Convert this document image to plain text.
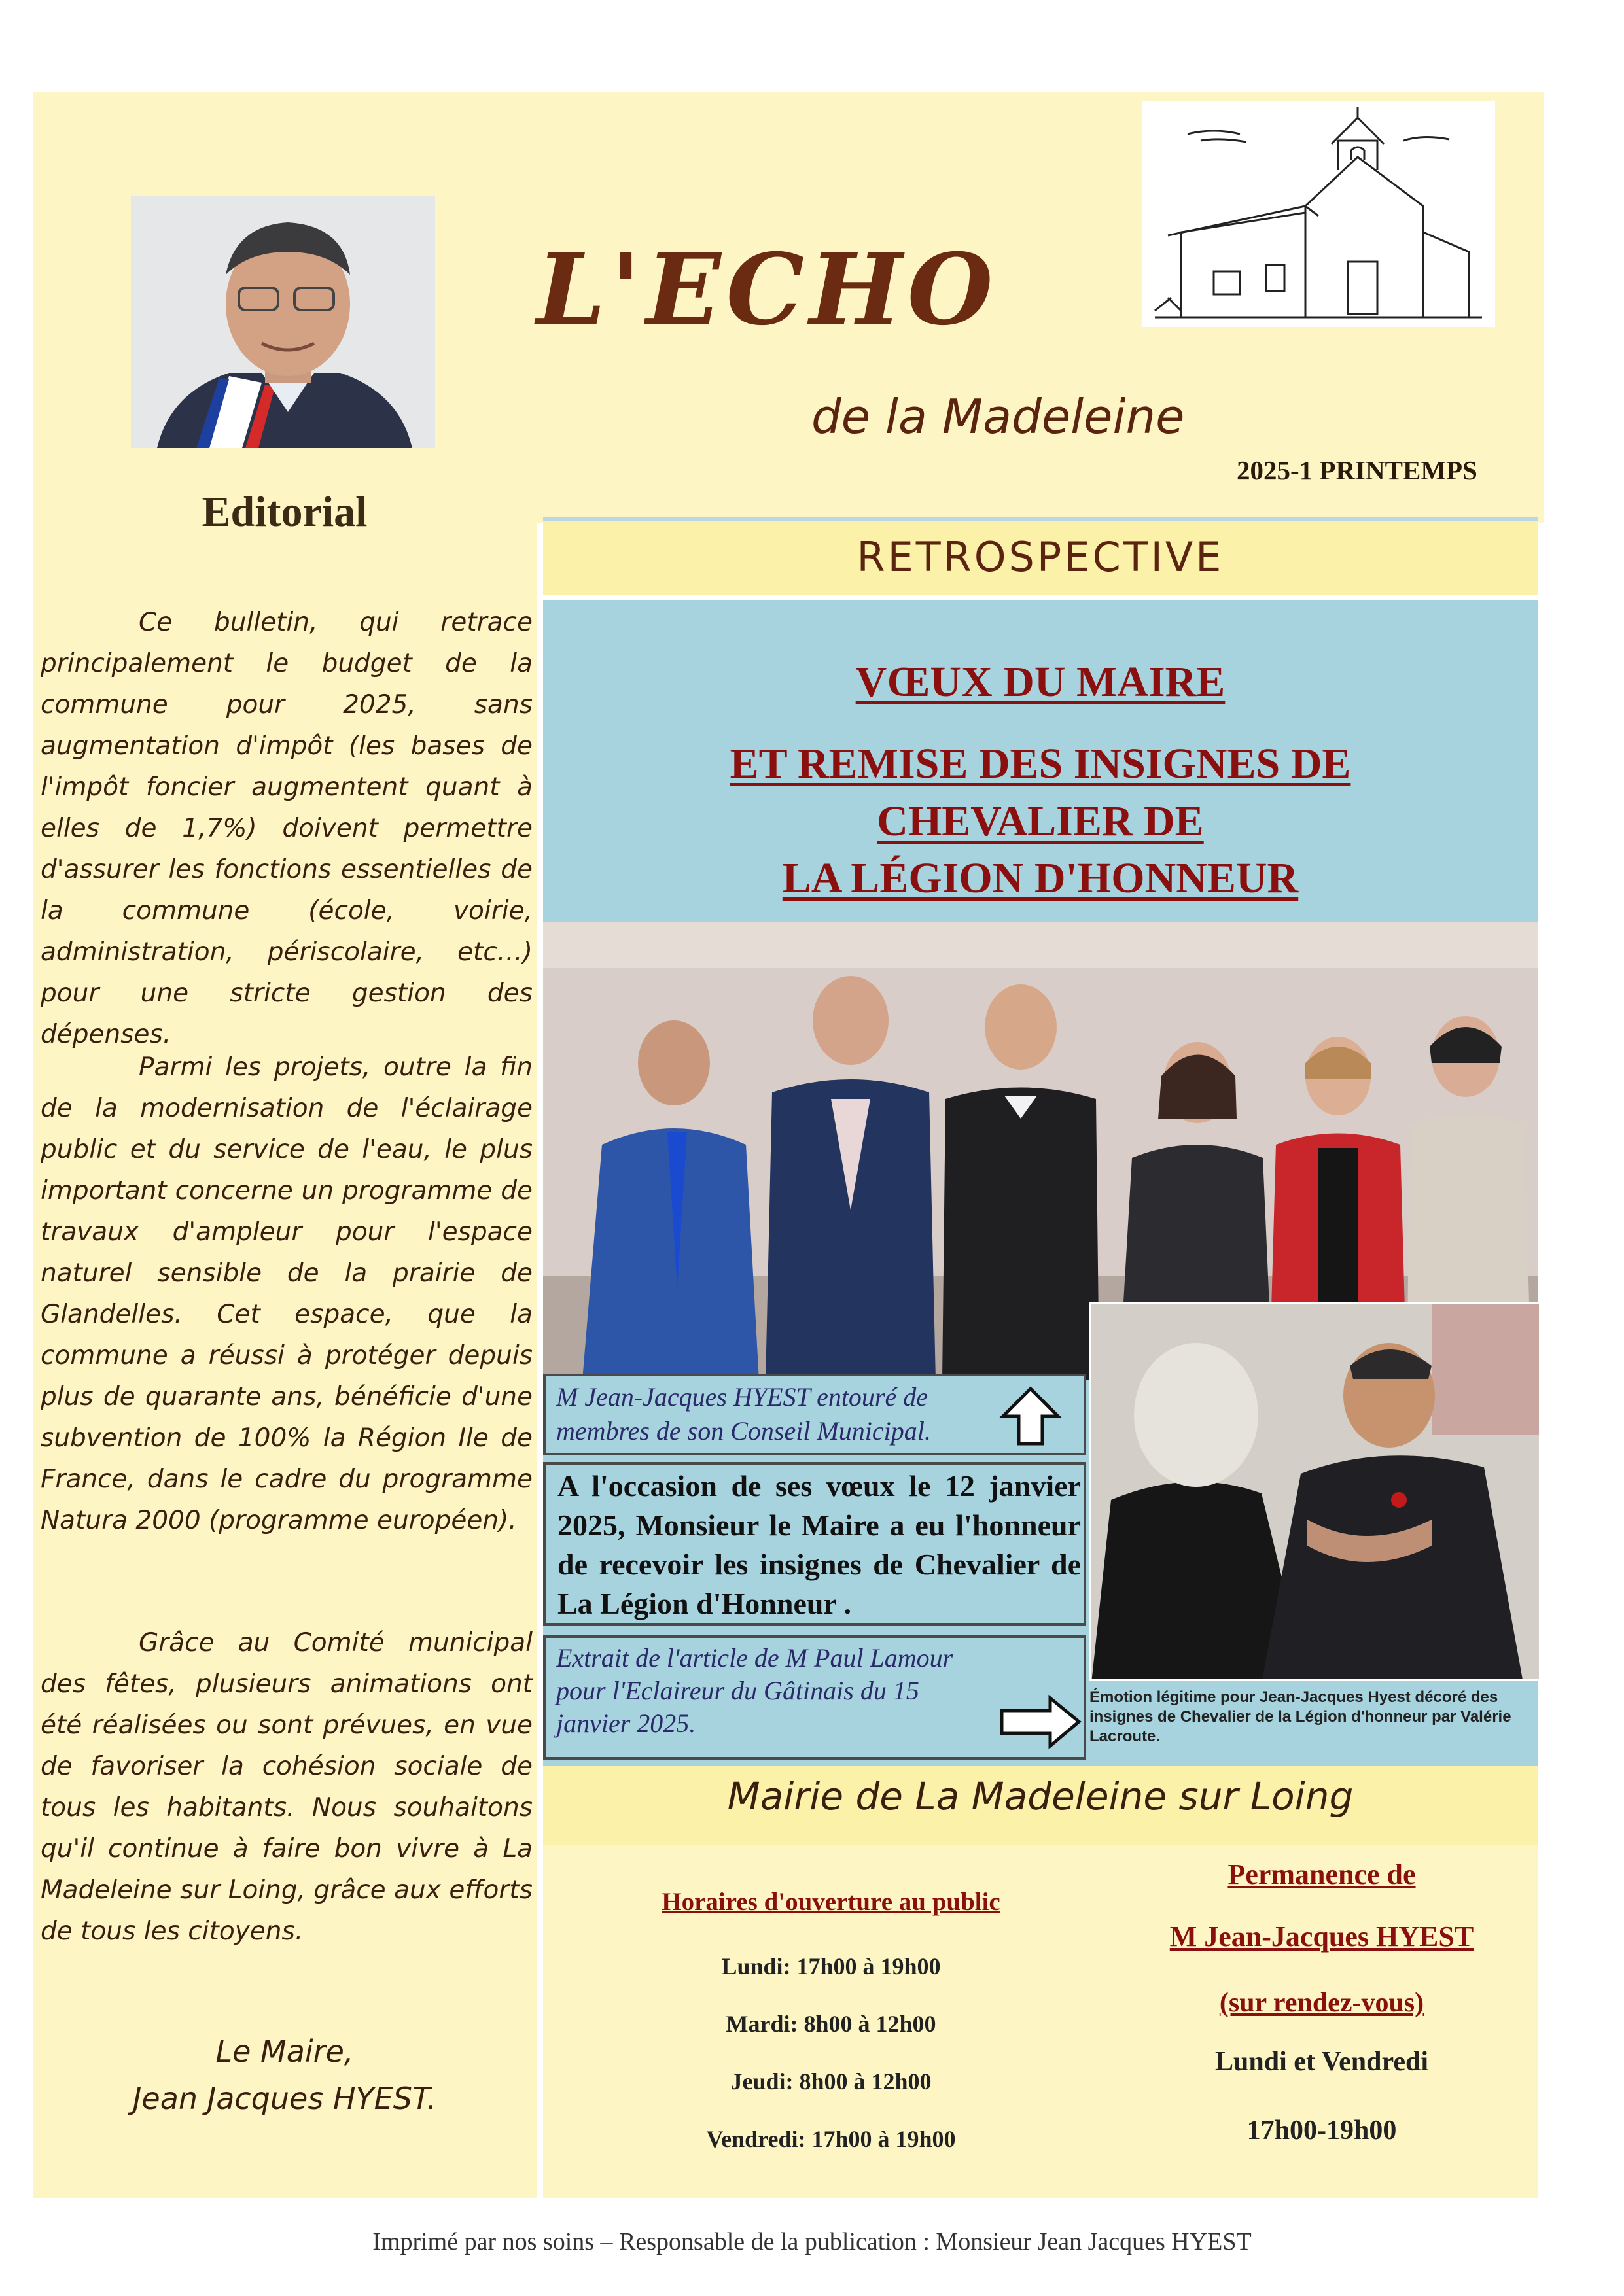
Editorial
Ce bulletin, qui retrace principalement le budget de la commune pour 2025, sans augmentation d'impôt (les bases de l'impôt foncier augmentent quant à elles de 1,7%) doivent permettre d'assurer les fonctions essentielles de la commune (école, voirie, administration, périscolaire, etc…) pour une stricte gestion des dépenses.
Parmi les projets, outre la fin de la modernisation de l'éclairage public et du service de l'eau, le plus important concerne un programme de travaux d'ampleur pour l'espace naturel sensible de la prairie de Glandelles. Cet espace, que la commune a réussi à protéger depuis plus de quarante ans, bénéficie d'une subvention de 100% la Région Ile de France, dans le cadre du programme Natura 2000 (programme européen).
Grâce au Comité municipal des fêtes, plusieurs animations ont été réalisées ou sont prévues, en vue de favoriser la cohésion sociale de tous les habitants. Nous souhaitons qu'il continue à faire bon vivre à La Madeleine sur Loing, grâce aux efforts de tous les citoyens.
Le Maire,
Jean Jacques HYEST.
L'ECHO
de la Madeleine
2025-1 PRINTEMPS
RETROSPECTIVE
VŒUX DU MAIRE
ET REMISE DES INSIGNES DE
CHEVALIER DE
LA LÉGION D'HONNEUR
M Jean-Jacques HYEST entouré de membres de son Conseil Municipal.
A l'occasion de ses vœux le 12 janvier 2025, Monsieur le Maire a eu l'honneur de recevoir les insignes de Chevalier de La Légion d'Honneur .
Extrait de l'article de M Paul Lamour pour l'Eclaireur du Gâtinais du 15 janvier 2025.
Émotion légitime pour Jean-Jacques Hyest décoré des insignes de Chevalier de la Légion d'honneur par Valérie Lacroute.
Mairie de La Madeleine sur Loing
Horaires d'ouverture au public
Lundi: 17h00 à 19h00
Mardi: 8h00 à 12h00
Jeudi: 8h00 à 12h00
Vendredi: 17h00 à 19h00
Permanence de
M Jean-Jacques HYEST
(sur rendez-vous)
Lundi et Vendredi
17h00-19h00
Imprimé par nos soins – Responsable de la publication : Monsieur Jean Jacques HYEST
